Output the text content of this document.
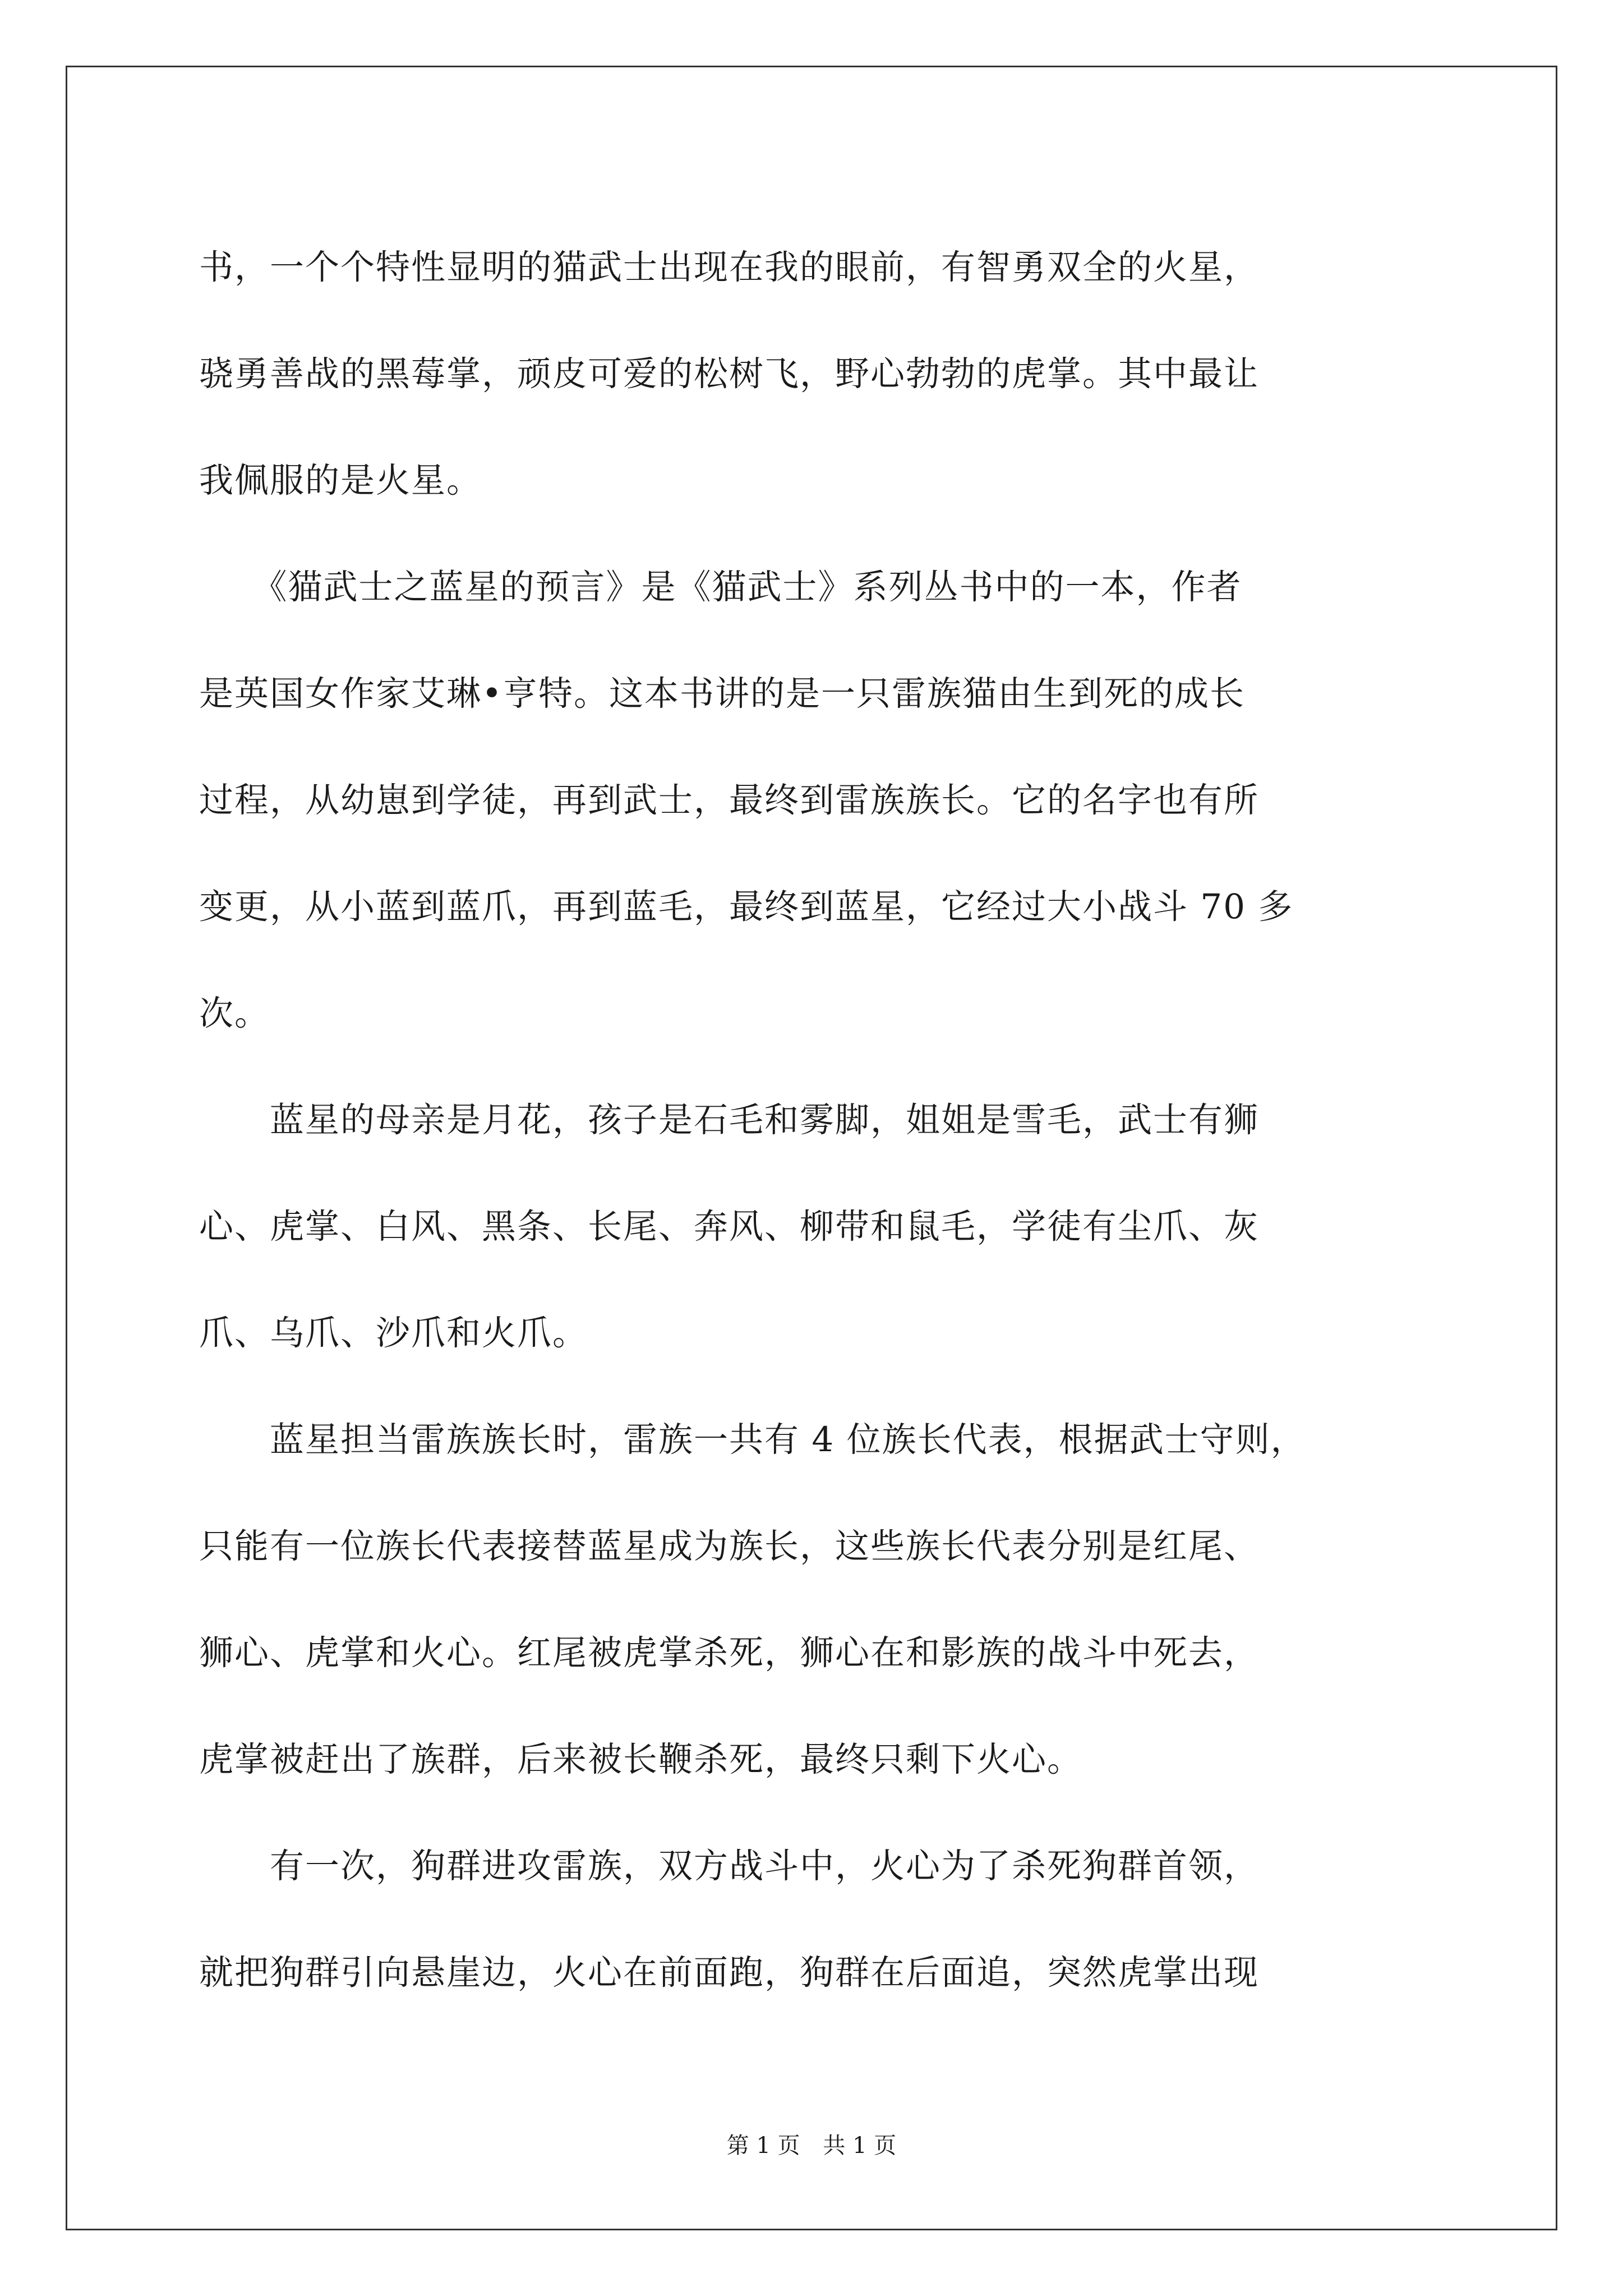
书，一个个特性显明的猫武士出现在我的眼前，有智勇双全的火星，
骁勇善战的黑莓掌，顽皮可爱的松树飞，野心勃勃的虎掌。其中最让
我佩服的是火星。
　　《猫武士之蓝星的预言》是《猫武士》系列丛书中的一本，作者
是英国女作家艾琳•亨特。这本书讲的是一只雷族猫由生到死的成长
过程，从幼崽到学徒，再到武士，最终到雷族族长。它的名字也有所
变更，从小蓝到蓝爪，再到蓝毛，最终到蓝星，它经过大小战斗 70 多
次。
　　蓝星的母亲是月花，孩子是石毛和雾脚，姐姐是雪毛，武士有狮
心、虎掌、白风、黑条、长尾、奔风、柳带和鼠毛，学徒有尘爪、灰
爪、乌爪、沙爪和火爪。
　　蓝星担当雷族族长时，雷族一共有 4 位族长代表，根据武士守则，
只能有一位族长代表接替蓝星成为族长，这些族长代表分别是红尾、
狮心、虎掌和火心。红尾被虎掌杀死，狮心在和影族的战斗中死去，
虎掌被赶出了族群，后来被长鞭杀死，最终只剩下火心。
　　有一次，狗群进攻雷族，双方战斗中，火心为了杀死狗群首领，
就把狗群引向悬崖边，火心在前面跑，狗群在后面追，突然虎掌出现
第 1 页 共 1 页
